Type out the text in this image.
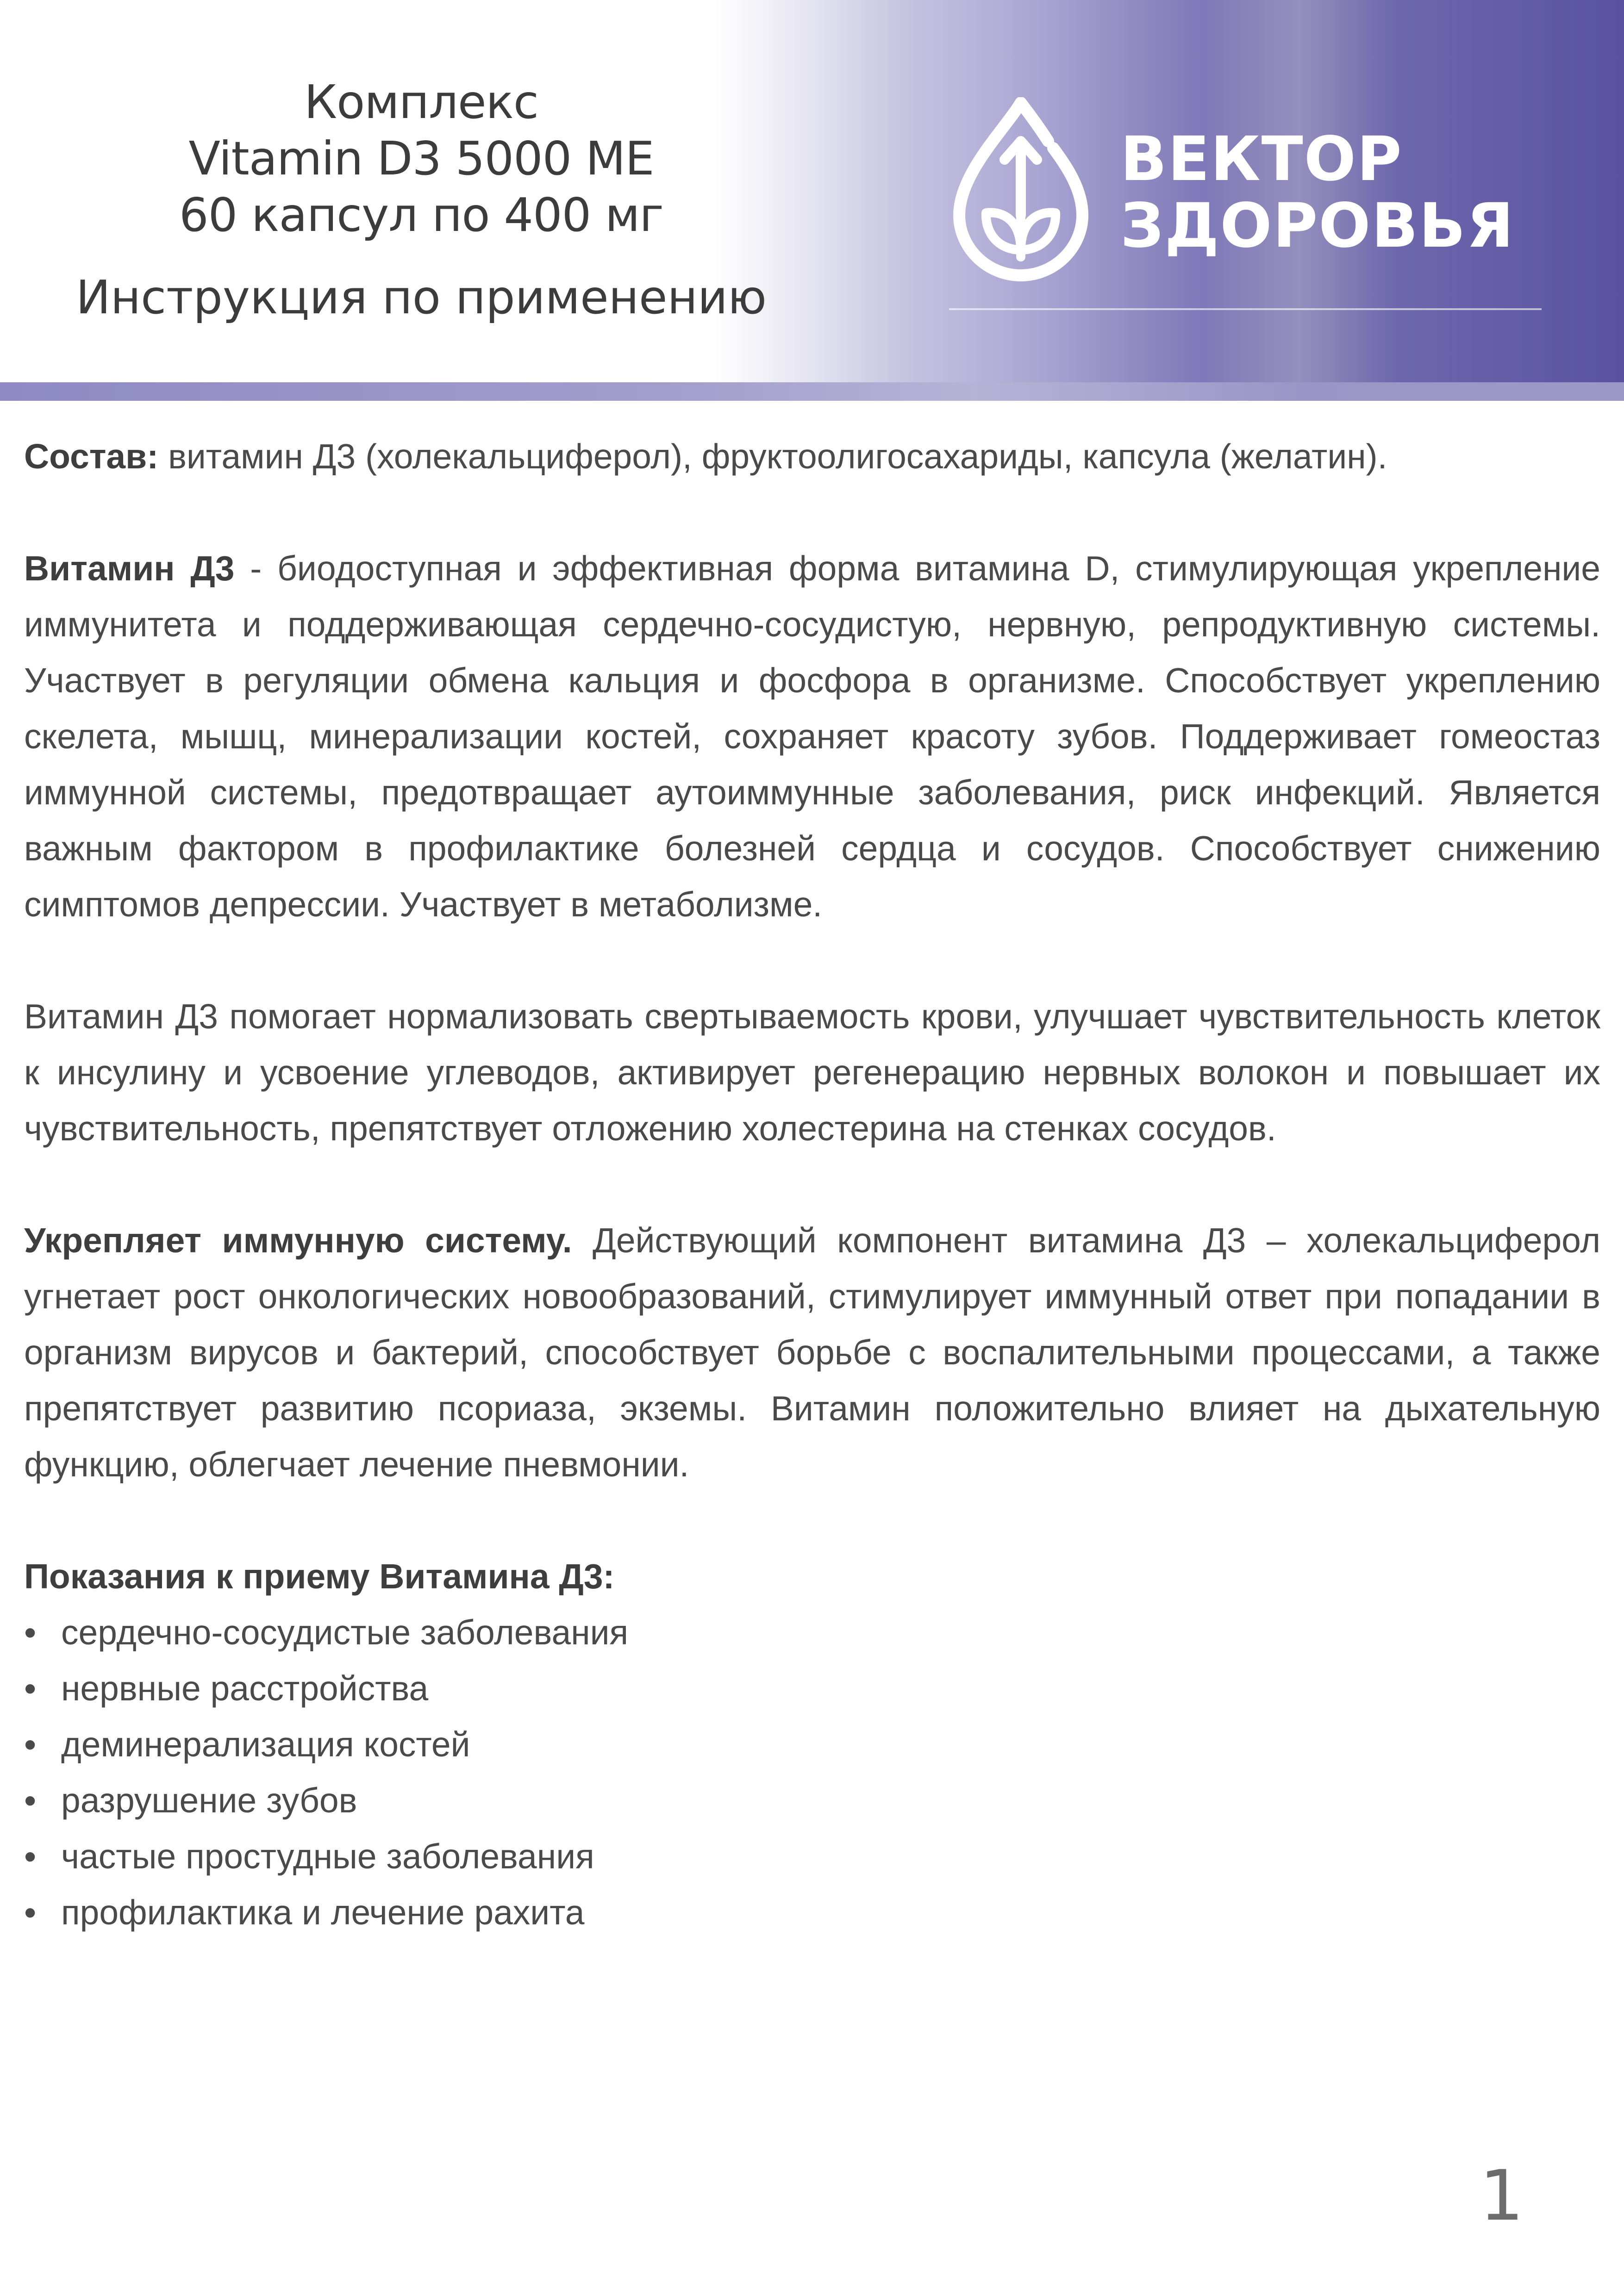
Комплекс
Vitamin D3 5000 МЕ
60 капсул по 400 мг
Инструкция по применению
ВЕКТОР
ЗДОРОВЬЯ

Состав: витамин Д3 (холекальциферол), фруктоолигосахариды, капсула (желатин).

Витамин Д3 - биодоступная и эффективная форма витамина D, стимулирующая укрепление иммунитета и поддерживающая сердечно-сосудистую, нервную, репродуктивную системы. Участвует в регуляции обмена кальция и фосфора в организме. Способствует укреплению скелета, мышц, минерализации костей, сохраняет красоту зубов. Поддерживает гомеостаз иммунной системы, предотвращает аутоиммунные заболевания, риск инфекций. Является важным фактором в профилактике болезней сердца и сосудов. Способствует снижению симптомов депрессии. Участвует в метаболизме.

Витамин Д3 помогает нормализовать свертываемость крови, улучшает чувствительность клеток к инсулину и усвоение углеводов, активирует регенерацию нервных волокон и повышает их чувствительность, препятствует отложению холестерина на стенках сосудов.

Укрепляет иммунную систему. Действующий компонент витамина Д3 – холекальциферол угнетает рост онкологических новообразований, стимулирует иммунный ответ при попадании в организм вирусов и бактерий, способствует борьбе с воспалительными процессами, а также препятствует развитию псориаза, экземы. Витамин положительно влияет на дыхательную функцию, облегчает лечение пневмонии.

Показания к приему Витамина Д3:
• сердечно-сосудистые заболевания
• нервные расстройства
• деминерализация костей
• разрушение зубов
• частые простудные заболевания
• профилактика и лечение рахита
1
